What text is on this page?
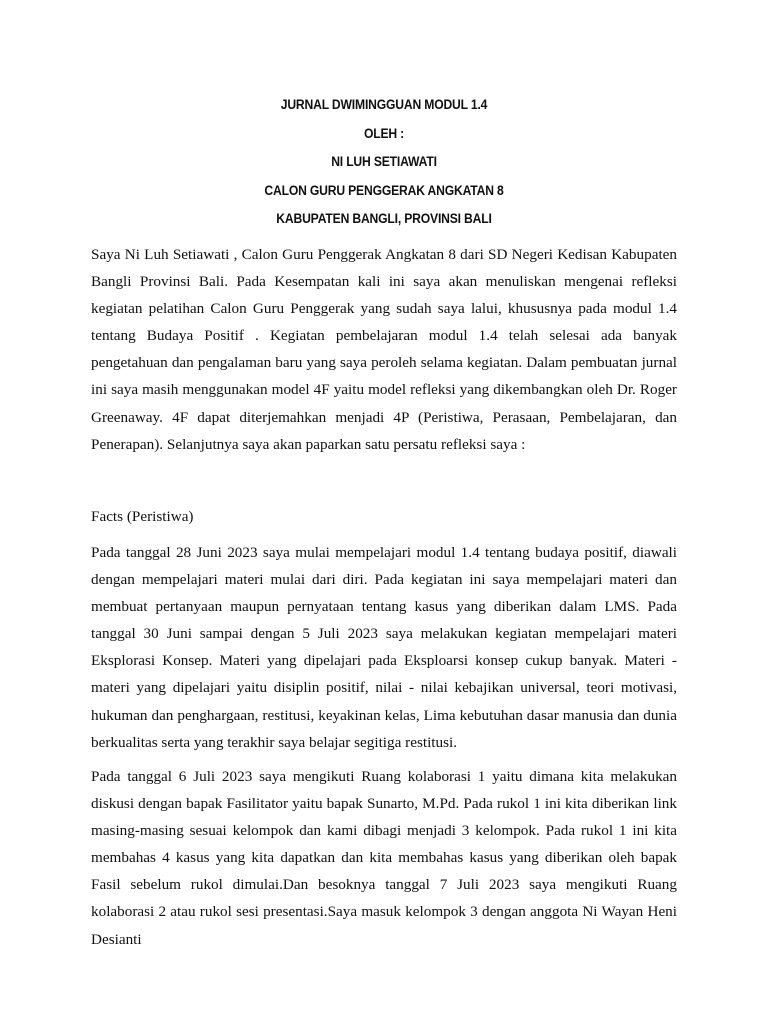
JURNAL DWIMINGGUAN MODUL 1.4
OLEH :
NI LUH SETIAWATI
CALON GURU PENGGERAK ANGKATAN 8
KABUPATEN BANGLI, PROVINSI BALI

Saya Ni Luh Setiawati , Calon Guru Penggerak Angkatan 8 dari SD Negeri Kedisan Kabupaten Bangli Provinsi Bali. Pada Kesempatan kali ini saya akan menuliskan mengenai refleksi kegiatan pelatihan Calon Guru Penggerak yang sudah saya lalui, khususnya pada modul 1.4 tentang Budaya Positif . Kegiatan pembelajaran modul 1.4 telah selesai ada banyak pengetahuan dan pengalaman baru yang saya peroleh selama kegiatan. Dalam pembuatan jurnal ini saya masih menggunakan model 4F yaitu model refleksi yang dikembangkan oleh Dr. Roger Greenaway. 4F dapat diterjemahkan menjadi 4P (Peristiwa, Perasaan, Pembelajaran, dan Penerapan). Selanjutnya saya akan paparkan satu persatu refleksi saya :

Facts (Peristiwa)

Pada tanggal 28 Juni 2023 saya mulai mempelajari modul 1.4 tentang budaya positif, diawali dengan mempelajari materi mulai dari diri. Pada kegiatan ini saya mempelajari materi dan membuat pertanyaan maupun pernyataan tentang kasus yang diberikan dalam LMS. Pada tanggal 30 Juni sampai dengan 5 Juli 2023 saya melakukan kegiatan mempelajari materi Eksplorasi Konsep. Materi yang dipelajari pada Eksploarsi konsep cukup banyak. Materi - materi yang dipelajari yaitu disiplin positif, nilai - nilai kebajikan universal, teori motivasi, hukuman dan penghargaan, restitusi, keyakinan kelas, Lima kebutuhan dasar manusia dan dunia berkualitas serta yang terakhir saya belajar segitiga restitusi.

Pada tanggal 6 Juli 2023 saya mengikuti Ruang kolaborasi 1 yaitu dimana kita melakukan diskusi dengan bapak Fasilitator yaitu bapak Sunarto, M.Pd. Pada rukol 1 ini kita diberikan link masing-masing sesuai kelompok dan kami dibagi menjadi 3 kelompok. Pada rukol 1 ini kita membahas 4 kasus yang kita dapatkan dan kita membahas kasus yang diberikan oleh bapak Fasil sebelum rukol dimulai.Dan besoknya tanggal 7 Juli 2023 saya mengikuti Ruang kolaborasi 2 atau rukol sesi presentasi.Saya masuk kelompok 3 dengan anggota Ni Wayan Heni Desianti
